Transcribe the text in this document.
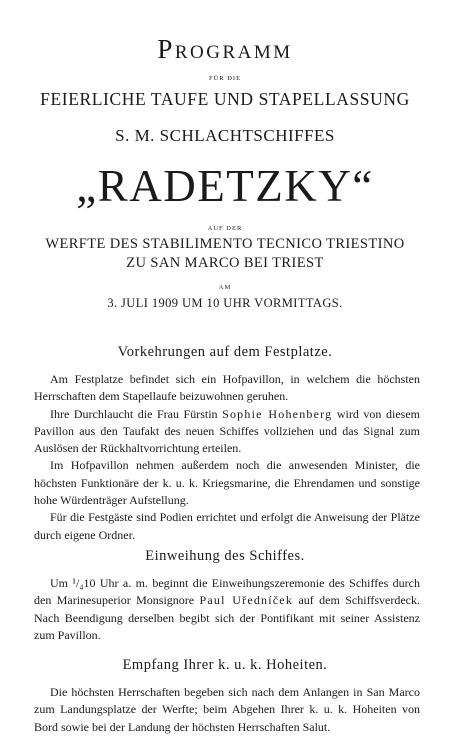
Programm
FÜR DIE
FEIERLICHE TAUFE UND STAPELLASSUNG
S. M. SCHLACHTSCHIFFES
„RADETZKY“
AUF DER
WERFTE DES STABILIMENTO TECNICO TRIESTINO
ZU SAN MARCO BEI TRIEST
AM
3. JULI 1909 UM 10 UHR VORMITTAGS.
Vorkehrungen auf dem Festplatze.

Am Festplatze befindet sich ein Hofpavillon, in welchem die höchsten Herrschaften dem Stapellaufe beizuwohnen geruhen.

Ihre Durchlaucht die Frau Fürstin Sophie Hohenberg wird von diesem Pavillon aus den Taufakt des neuen Schiffes vollziehen und das Signal zum Auslösen der Rückhaltvorrichtung erteilen.

Im Hofpavillon nehmen außerdem noch die anwesenden Minister, die höchsten Funktionäre der k. u. k. Kriegsmarine, die Ehrendamen und sonstige hohe Würdenträger Aufstellung.

Für die Festgäste sind Podien errichtet und erfolgt die Anweisung der Plätze durch eigene Ordner.

Einweihung des Schiffes.

Um ¹/₄10 Uhr a. m. beginnt die Einweihungszeremonie des Schiffes durch den Marinesuperior Monsignore Paul Uředníček auf dem Schiffsverdeck. Nach Beendigung derselben begibt sich der Pontifikant mit seiner Assistenz zum Pavillon.

Empfang Ihrer k. u. k. Hoheiten.

Die höchsten Herrschaften begeben sich nach dem Anlangen in San Marco zum Landungsplatze der Werfte; beim Abgehen Ihrer k. u. k. Hoheiten von Bord sowie bei der Landung der höchsten Herrschaften Salut.
